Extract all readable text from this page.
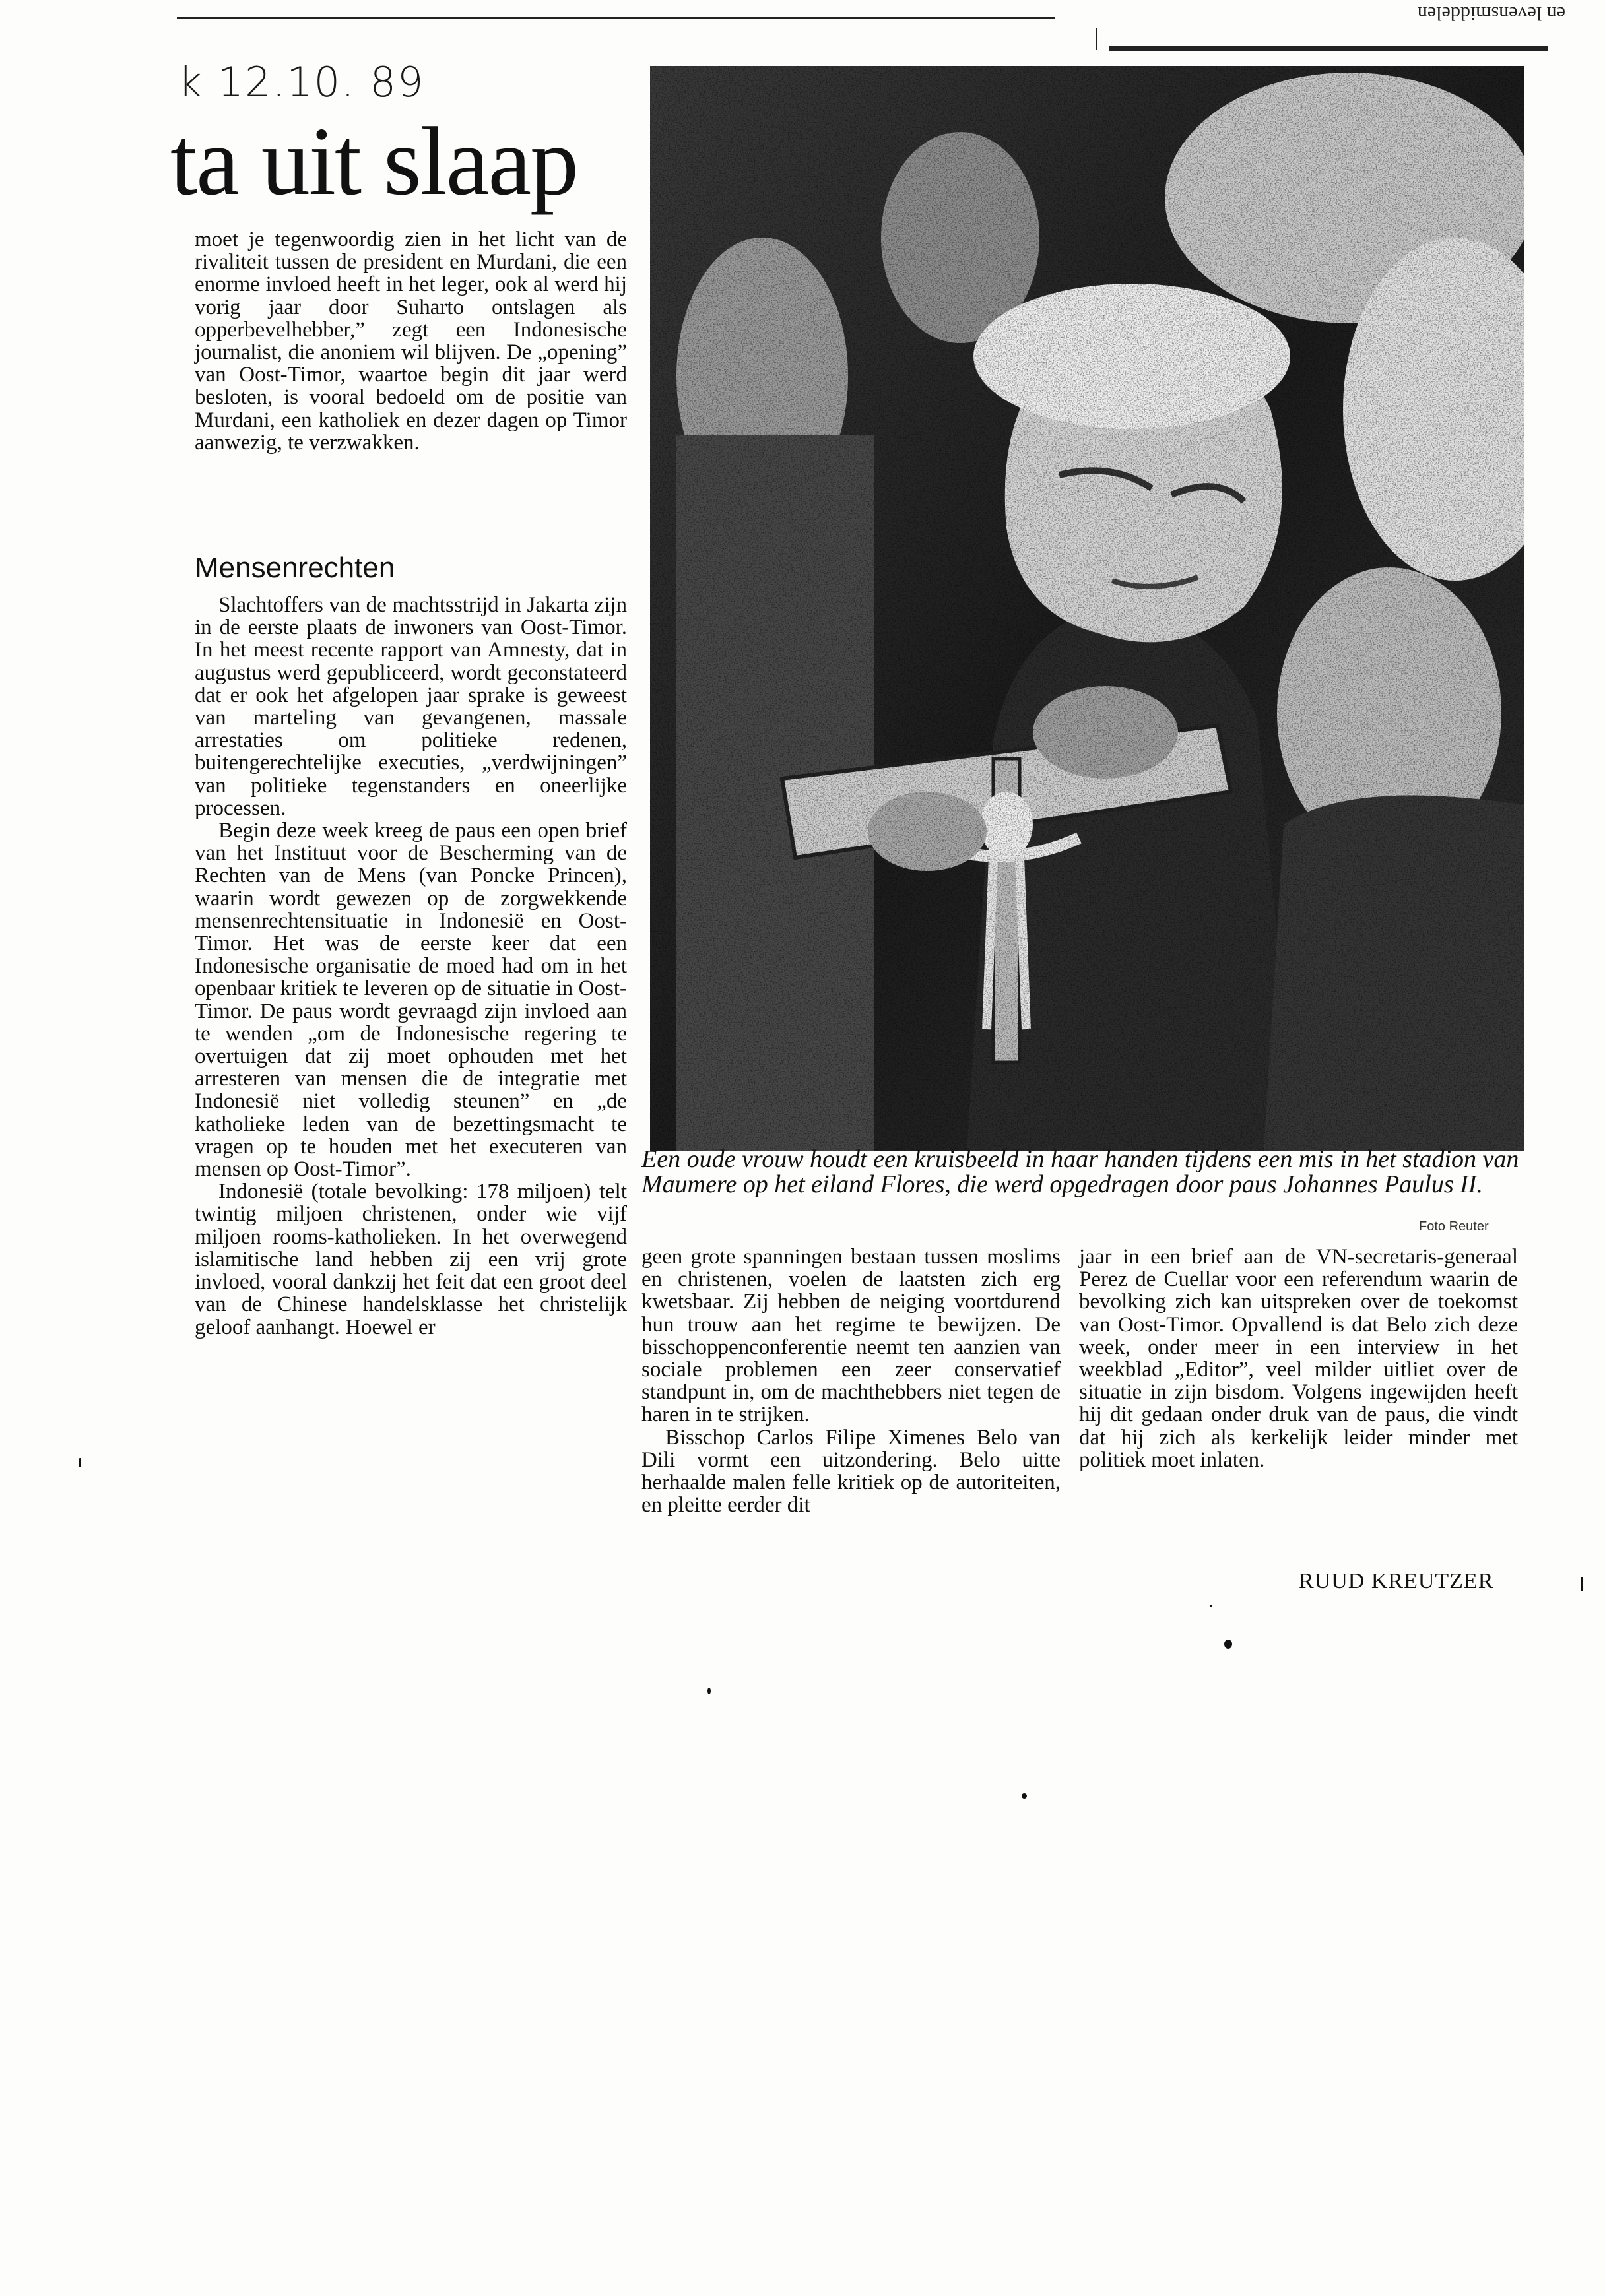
en levensmiddelen
k 12.10. 89
ta uit slaap

moet je tegenwoordig zien in het licht van de rivaliteit tussen de president en Murdani, die een enorme invloed heeft in het leger, ook al werd hij vorig jaar door Suharto ontslagen als opperbevelhebber,” zegt een Indonesische journalist, die anoniem wil blijven. De „opening” van Oost-Timor, waartoe begin dit jaar werd besloten, is vooral bedoeld om de positie van Murdani, een katholiek en dezer dagen op Timor aanwezig, te verzwakken.

Mensenrechten

Slachtoffers van de machtsstrijd in Jakarta zijn in de eerste plaats de inwoners van Oost-Timor. In het meest recente rapport van Amnesty, dat in augustus werd gepubliceerd, wordt geconstateerd dat er ook het afgelopen jaar sprake is geweest van marteling van gevangenen, massale arrestaties om politieke redenen, buitengerechtelijke executies, „verdwijningen” van politieke tegenstanders en oneerlijke processen.

Begin deze week kreeg de paus een open brief van het Instituut voor de Bescherming van de Rechten van de Mens (van Poncke Princen), waarin wordt gewezen op de zorgwekkende mensenrechtensituatie in Indonesië en Oost-Timor. Het was de eerste keer dat een Indonesische organisatie de moed had om in het openbaar kritiek te leveren op de situatie in Oost-Timor. De paus wordt gevraagd zijn invloed aan te wenden „om de Indonesische regering te overtuigen dat zij moet ophouden met het arresteren van mensen die de integratie met Indonesië niet volledig steunen” en „de katholieke leden van de bezettingsmacht te vragen op te houden met het executeren van mensen op Oost-Timor”.

Indonesië (totale bevolking: 178 miljoen) telt twintig miljoen christenen, onder wie vijf miljoen rooms-katholieken. In het overwegend islamitische land hebben zij een vrij grote invloed, vooral dankzij het feit dat een groot deel van de Chinese handelsklasse het christelijk geloof aanhangt. Hoewel er

Een oude vrouw houdt een kruisbeeld in haar handen tijdens een mis in het stadion van Maumere op het eiland Flores, die werd opgedragen door paus Johannes Paulus II.
Foto Reuter

geen grote spanningen bestaan tussen moslims en christenen, voelen de laatsten zich erg kwetsbaar. Zij hebben de neiging voortdurend hun trouw aan het regime te bewijzen. De bisschoppenconferentie neemt ten aanzien van sociale problemen een zeer conservatief standpunt in, om de machthebbers niet tegen de haren in te strijken.

Bisschop Carlos Filipe Ximenes Belo van Dili vormt een uitzondering. Belo uitte herhaalde malen felle kritiek op de autoriteiten, en pleitte eerder dit

jaar in een brief aan de VN-secretaris-generaal Perez de Cuellar voor een referendum waarin de bevolking zich kan uitspreken over de toekomst van Oost-Timor. Opvallend is dat Belo zich deze week, onder meer in een interview in het weekblad „Editor”, veel milder uitliet over de situatie in zijn bisdom. Volgens ingewijden heeft hij dit gedaan onder druk van de paus, die vindt dat hij zich als kerkelijk leider minder met politiek moet inlaten.

RUUD KREUTZER
